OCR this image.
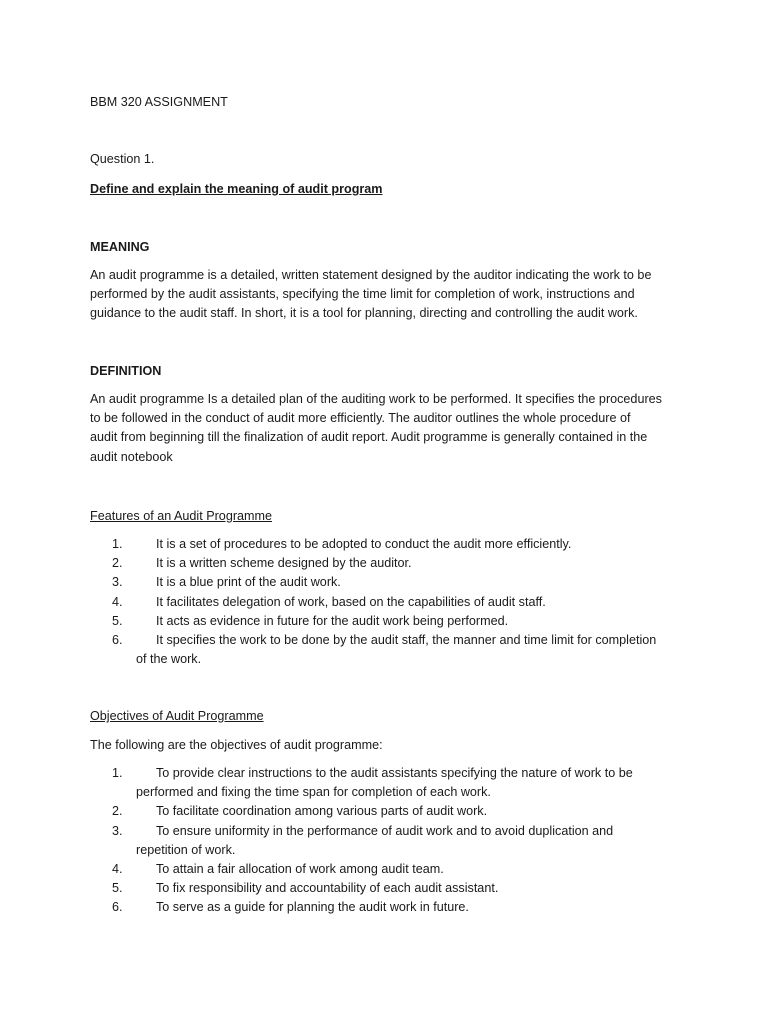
BBM 320 ASSIGNMENT
Question 1.
Define and explain the meaning of audit program
MEANING
An audit programme is a detailed, written statement designed by the auditor indicating the work to be
performed by the audit assistants, specifying the time limit for completion of work, instructions and
guidance to the audit staff. In short, it is a tool for planning, directing and controlling the audit work.
DEFINITION
An audit programme Is a detailed plan of the auditing work to be performed. It specifies the procedures
to be followed in the conduct of audit more efficiently. The auditor outlines the whole procedure of
audit from beginning till the finalization of audit report. Audit programme is generally contained in the
audit notebook
Features of an Audit Programme
1.	It is a set of procedures to be adopted to conduct the audit more efficiently.
2.	It is a written scheme designed by the auditor.
3.	It is a blue print of the audit work.
4.	It facilitates delegation of work, based on the capabilities of audit staff.
5.	It acts as evidence in future for the audit work being performed.
6.	It specifies the work to be done by the audit staff, the manner and time limit for completion
of the work.
Objectives of Audit Programme
The following are the objectives of audit programme:
1.	To provide clear instructions to the audit assistants specifying the nature of work to be
performed and fixing the time span for completion of each work.
2.	To facilitate coordination among various parts of audit work.
3.	To ensure uniformity in the performance of audit work and to avoid duplication and
repetition of work.
4.	To attain a fair allocation of work among audit team.
5.	To fix responsibility and accountability of each audit assistant.
6.	To serve as a guide for planning the audit work in future.
